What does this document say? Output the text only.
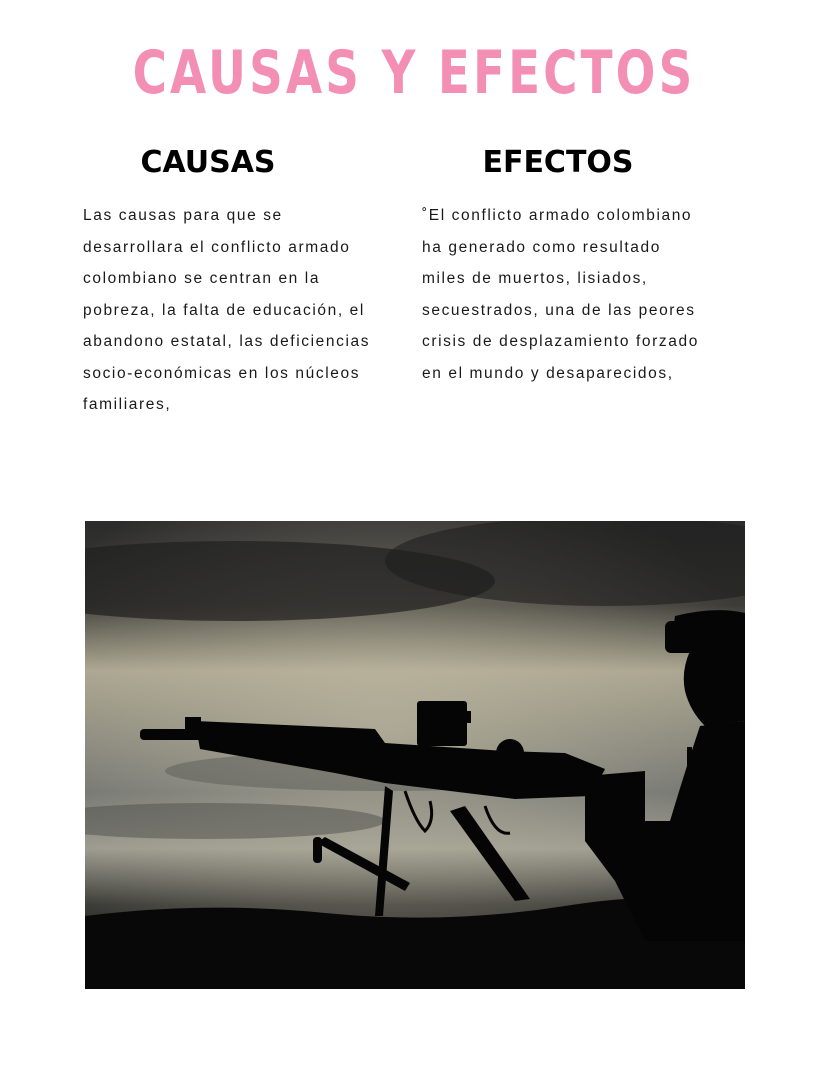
CAUSAS Y EFECTOS
CAUSAS	EFECTOS
Las causas para que se
desarrollara el conflicto armado
colombiano se centran en la
pobreza, la falta de educación, el
abandono estatal, las deficiencias
socio-económicas en los núcleos
familiares,
˚El conflicto armado colombiano
ha generado como resultado
miles de muertos, lisiados,
secuestrados, una de las peores
crisis de desplazamiento forzado
en el mundo y desaparecidos,
